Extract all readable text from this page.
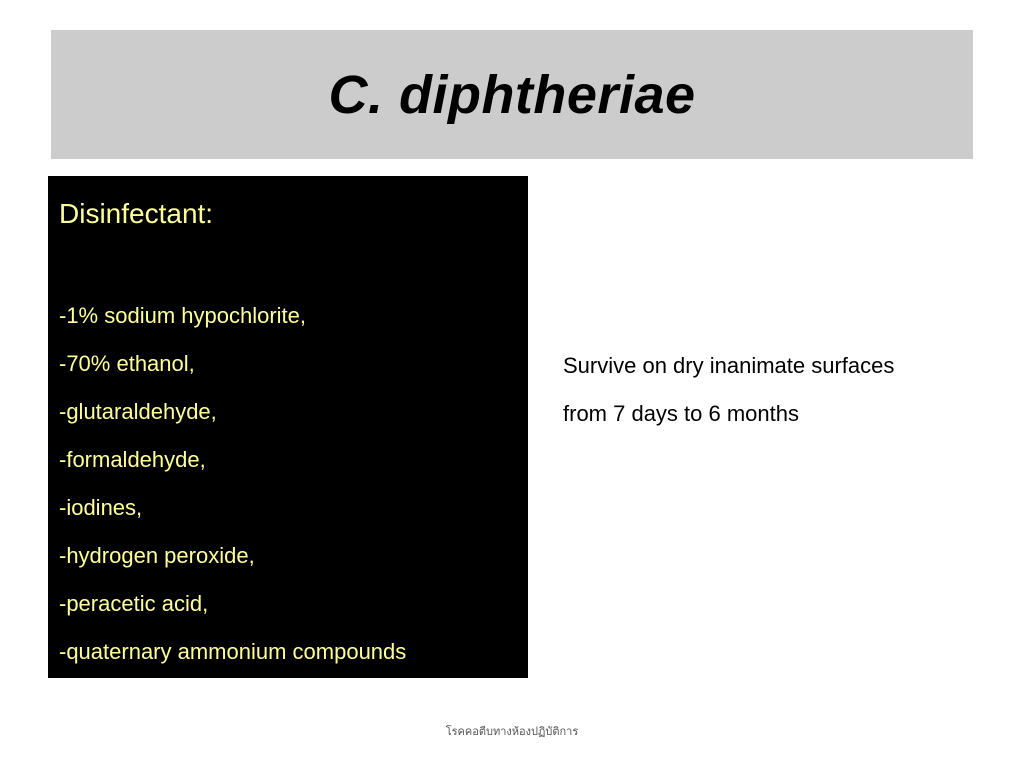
C. diphtheriae

Disinfectant:

-1% sodium hypochlorite,
-70% ethanol,
-glutaraldehyde,
-formaldehyde,
-iodines,
-hydrogen peroxide,
-peracetic acid,
-quaternary ammonium compounds
Survive on dry inanimate surfaces
from 7 days to 6 months
โรคคอตีบทางห้องปฏิบัติการ
